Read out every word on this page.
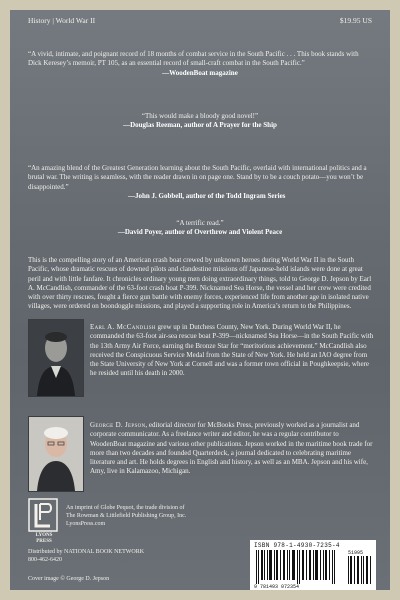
History | World War II	$19.95 US
“A vivid, intimate, and poignant record of 18 months of combat service in the South Pacific . . . This book stands with Dick Keresey’s memoir, PT 105, as an essential record of small-craft combat in the South Pacific.”
—WoodenBoat magazine
“This would make a bloody good novel!”
—Douglas Reeman, author of A Prayer for the Ship
“An amazing blend of the Greatest Generation learning about the South Pacific, overlaid with international politics and a brutal war. The writing is seamless, with the reader drawn in on page one. Stand by to be a couch potato—you won’t be disappointed.”
—John J. Gobbell, author of the Todd Ingram Series
“A terrific read.”
—David Poyer, author of Overthrow and Violent Peace
This is the compelling story of an American crash boat crewed by unknown heroes during World War II in the South Pacific, whose dramatic rescues of downed pilots and clandestine missions off Japanese-held islands were done at great peril and with little fanfare. It chronicles ordinary young men doing extraordinary things, told to George D. Jepson by Earl A. McCandlish, commander of the 63-foot crash boat P-399. Nicknamed Sea Horse, the vessel and her crew were credited with over thirty rescues, fought a fierce gun battle with enemy forces, experienced life from another age in isolated native villages, were ordered on boondoggle missions, and played a supporting role in America’s return to the Philippines.
Earl A. McCandlish grew up in Dutchess County, New York. During World War II, he commanded the 63-foot air-sea rescue boat P-399—nicknamed Sea Horse—in the South Pacific with the 13th Army Air Force, earning the Bronze Star for “meritorious achievement.” McCandlish also received the Conspicuous Service Medal from the State of New York. He held an IAO degree from the State University of New York at Cornell and was a former town official in Poughkeepsie, where he resided until his death in 2000.
George D. Jepson, editorial director for McBooks Press, previously worked as a journalist and corporate communicator. As a freelance writer and editor, he was a regular contributor to WoodenBoat magazine and various other publications. Jepson worked in the maritime book trade for more than two decades and founded Quarterdeck, a journal dedicated to celebrating maritime literature and art. He holds degrees in English and history, as well as an MBA. Jepson and his wife, Amy, live in Kalamazoo, Michigan.
LYONS
PRESS
An imprint of Globe Pequot, the trade division of
The Rowman & Littlefield Publishing Group, Inc.
LyonsPress.com
Distributed by NATIONAL BOOK NETWORK
800-462-6420
Cover image © George D. Jepson
ISBN 978-1-4930-7235-4
51995
9 781493 072354
